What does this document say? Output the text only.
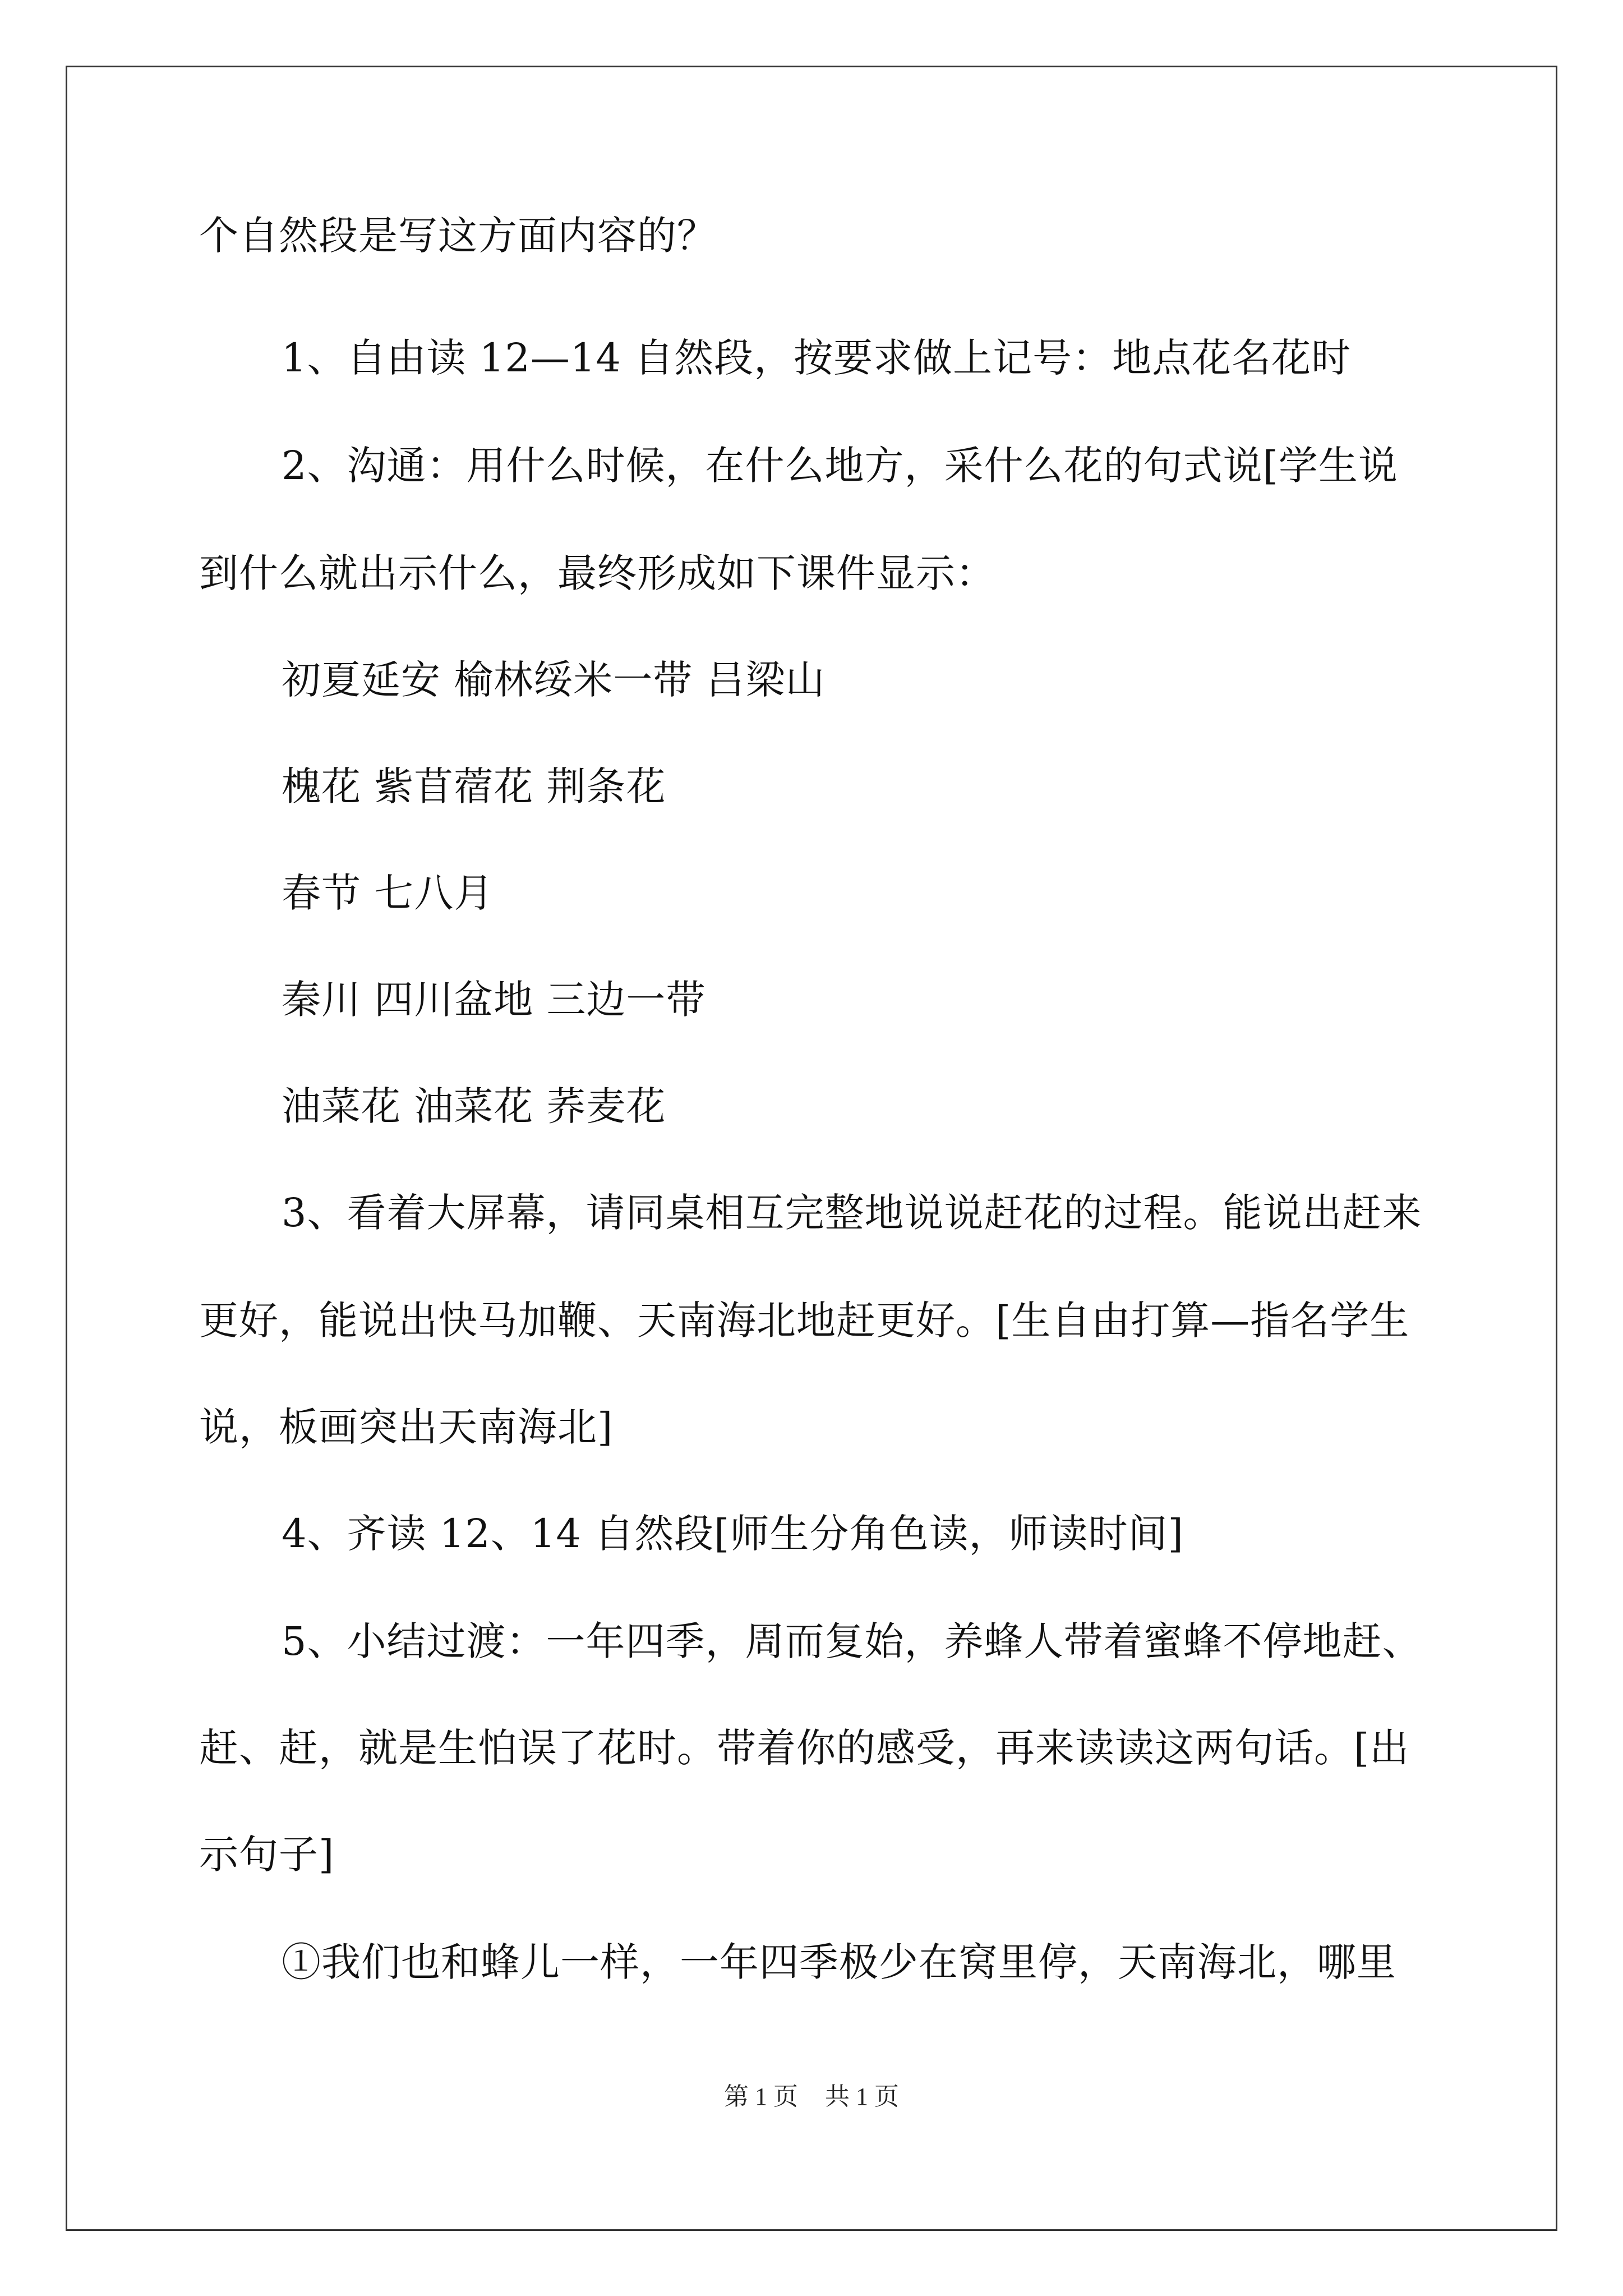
个自然段是写这方面内容的？
1、自由读 12—14 自然段，按要求做上记号：地点花名花时
2、沟通：用什么时候，在什么地方，采什么花的句式说[学生说
到什么就出示什么，最终形成如下课件显示：
初夏延安 榆林绥米一带 吕梁山
槐花 紫苜蓿花 荆条花
春节 七八月
秦川 四川盆地 三边一带
油菜花 油菜花 荞麦花
3、看着大屏幕，请同桌相互完整地说说赶花的过程。能说出赶来
更好，能说出快马加鞭、天南海北地赶更好。[生自由打算—指名学生
说，板画突出天南海北]
4、齐读 12、14 自然段[师生分角色读，师读时间]
5、小结过渡：一年四季，周而复始，养蜂人带着蜜蜂不停地赶、
赶、赶，就是生怕误了花时。带着你的感受，再来读读这两句话。[出
示句子]
①我们也和蜂儿一样，一年四季极少在窝里停，天南海北，哪里
第 1 页 共 1 页
